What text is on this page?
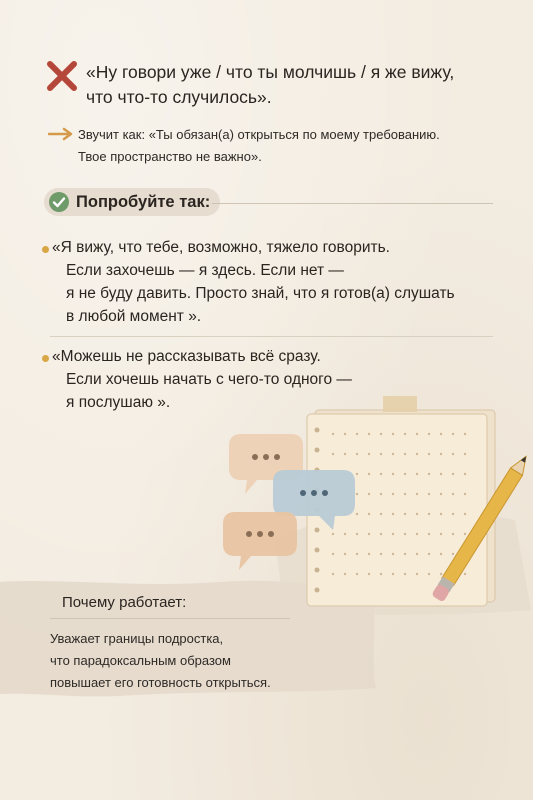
«Ну говори уже / что ты молчишь / я же вижу,
что что-то случилось».
Звучит как: «Ты обязан(а) открыться по моему требованию.
Твое пространство не важно».
Попробуйте так:
«Я вижу, что тебе, возможно, тяжело говорить.
Если захочешь — я здесь. Если нет —
я не буду давить. Просто знай, что я готов(а) слушать
в любой момент ».
«Можешь не рассказывать всё сразу.
Если хочешь начать с чего-то одного —
я послушаю ».
Почему работает:
Уважает границы подростка,
что парадоксальным образом
повышает его готовность открыться.
